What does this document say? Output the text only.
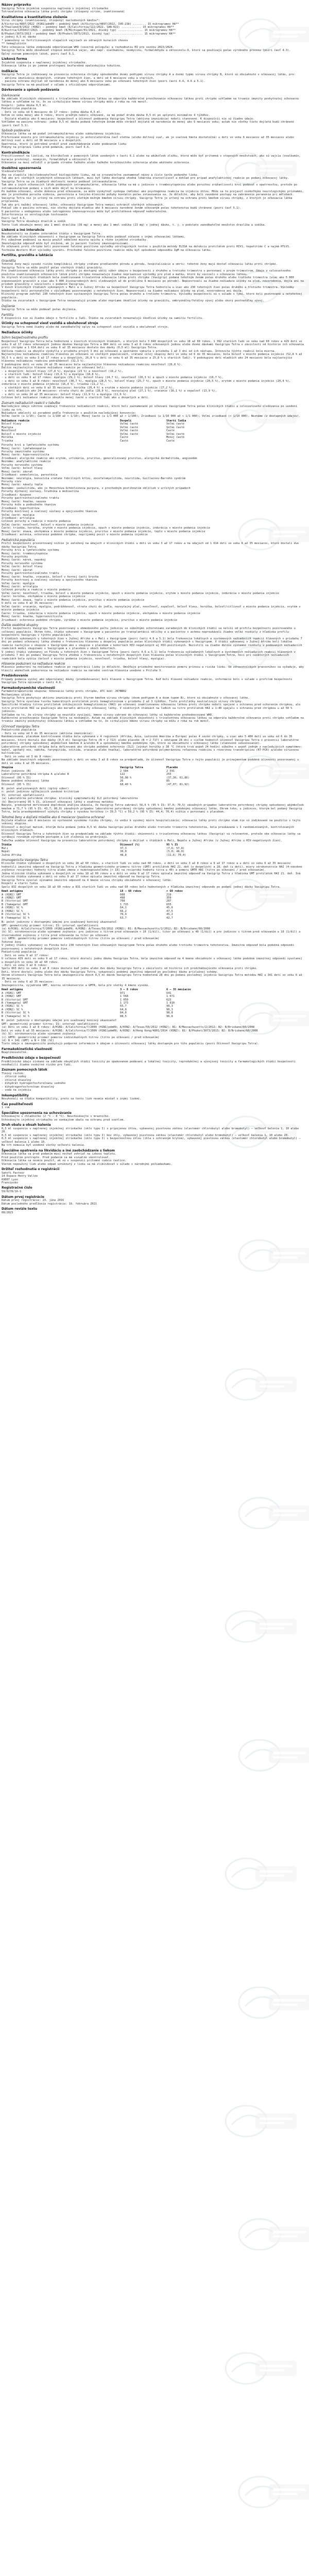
Názov prípravku
Vaxigrip Tetra injekčná suspenzia naplnená v injekčnej striekačke
Tetravalentná očkovacia látka proti chrípke (štiepený virión, inaktivovaná)
Kvalitatívne a kvantitatívne zloženie
Vírus chrípky (inaktivovaný, štiepený) nasledovných kmeňov*:
A/Victoria/4897/2022 (H1N1)pdm09 – podobný kmeň (A/Victoria/4897/2022, IVR-238) ........ 15 mikrogramov HA**
A/Thailand/8/2022 (H3N2) – podobný kmeň (A/California/122/2022, SAN-022) ............ 15 mikrogramov HA**
B/Austria/1359417/2021 – podobný kmeň (B/Michigan/01/2021, divoký typ) ............... 15 mikrogramov HA**
B/Phuket/3073/2013 – podobný kmeň (B/Phuket/3073/2013, divoký typ) ................... 15 mikrogramov HA**
v jednej 0,5 ml dávke
* pomnožený vo fertilizovaných slepačích vajciach zo zdravých kuracích chovov
** hemaglutinín
Táto očkovacia látka zodpovedá odporúčaniam WHO (severná pologuľa) a rozhodnutiu EÚ pre sezónu 2023/2024.
Vaxigrip Tetra môže obsahovať stopové množstvá vajec, ako napr. ovalbumínu, neomycínu, formaldehydu a oktoxinolu-9, ktoré sa používajú počas výrobného procesu (pozri časť 4.3).
Úplný zoznam pomocných látok, pozri časť 6.1.
Lieková forma
Injekčná suspenzia v naplnenej injekčnej striekačke.
Očkovacia látka je po jemnom pretrepaní bezfarebná opaleskujúca tekutina.
Indikácie
Vaxigrip Tetra je indikovaný na prevenciu ochorenia chrípky spôsobeného dvomi podtypmi vírusu chrípky A a dvomi typmi vírusu chrípky B, ktoré sú obsiahnuté v očkovacej látke, pre:
- aktívnu imunizáciu dospelých, vrátane tehotných žien, a detí od 6 mesiacov veku a starších,
- pasívnu ochranu dojčiat od narodenia do menej ako 6 mesiacov veku po očkovaní tehotných žien (pozri časti 4.4, 4.6 a 5.1).
Vaxigrip Tetra sa má používať v súlade s oficiálnymi odporúčaniami.
Dávkovanie a spôsob podávania
Dávkovanie
Na základe klinických skúseností s trivalentnou očkovacou látkou sa odporúča každoročné preočkovanie očkovacou látkou proti chrípke vzhľadom na trvanie imunity poskytnutej očkovacou látkou a vzhľadom na to, že sa cirkulujúce kmene vírusu chrípky môžu z roka na rok meniť.
Dospelí: jedna dávka 0,5 ml.
Pediatrická populácia
- Deti vo veku od 6 mesiacov do 17 rokov: jedna dávka 0,5 ml.
Deťom vo veku menej ako 9 rokov, ktoré predtým neboli očkované, sa má podať druhá dávka 0,5 ml po uplynutí minimálne 4 týždňov.
- Dojčatá mladšie ako 6 mesiacov: bezpečnosť a účinnosť podávania Vaxigripu Tetra (aktívna imunizácia) neboli stanovené. K dispozícii nie sú žiadne údaje.
Vzhľadom na pasívnu ochranu: jedna 0,5 ml dávka podaná tehotným ženám môže chrániť dojčatá od narodenia do menej ako 6 mesiacov veku; avšak nie všetky tieto dojčatá budú chránené (pozri časť 5.1).
Spôsob podávania
Očkovacia látka sa má podať intramuskulárnou alebo subkutánnou injekciou.
Preferované miesto pre intramuskulárnu injekciu je anterolaterálna časť stehna (alebo deltový sval, ak je svalová hmota dostatočná) u detí vo veku 6 mesiacov až 35 mesiacov alebo deltový sval u detí od 36 mesiacov a u dospelých.
Opatrenia, ktoré je potrebné urobiť pred zaobchádzaním alebo podávaním lieku
Pokyny na prípravu lieku pred podaním, pozri časť 6.6.
Kontraindikácie
Precitlivenosť na liečivá, na ktorúkoľvek z pomocných látok uvedených v časti 6.1 alebo na akúkoľvek zložku, ktorá môže byť prítomná v stopových množstvách, ako sú vajcia (ovalbumín, kuracie proteíny), neomycín, formaldehyd a oktoxinol-9.
Očkovanie sa musí odložiť v prípade stredne ťažkého alebo ťažkého horúčkovitého ochorenia alebo akútneho ochorenia.
Osobitné upozornenia
Sledovateľnosť
Aby sa zlepšila (do)sledovateľnosť biologického lieku, má sa zrozumiteľne zaznamenať názov a číslo šarže podaného lieku.
Tak ako pri všetkých injekčných očkovacích látkach, musí byť ľahko dostupná vhodná lekárska starostlivosť a dohľad pre prípad anafylaktickej reakcie po podaní očkovacej látky.
Vaxigrip Tetra sa za žiadnych okolností nesmie podávať intravaskulárne.
Tak ako u iných očkovacích látok podávaných intramuskulárne, očkovacia látka sa má u jedincov s trombocytopéniou alebo poruchou zrážanlivosti krvi podávať s opatrnosťou, pretože po intramuskulárnom podaní u nich môže dôjsť ku krvácaniu.
Po každom očkovaní, alebo dokonca pred očkovaním, sa môže vyskytnúť synkopa (mdloba) ako psychogénna reakcia na injekciu ihlou. Môže sa to prejaviť niekoľkými neurologickými príznakmi, ako je prechodná porucha videnia, parestézia a tonicko-klonické pohyby končatín počas zotavovania sa. Je dôležité, aby boli zavedené postupy na zabránenie poranenia pri mdlobách.
Vaxigrip Tetra nie je určený na ochranu proti všetkým možným kmeňom vírusu chrípky. Vaxigrip Tetra je určený na ochranu proti kmeňom vírusu chrípky, z ktorých je očkovacia látka pripravená.
Tak ako pri každej očkovacej látke, očkovanie Vaxigripom Tetra nemusí ochrániť všetkých očkovaných.
Pokiaľ ide o pasívnu ochranu, nie všetky dojčatá mladšie ako 6 mesiacov narodené ženám očkovaným počas tehotenstva budú chránené (pozri časť 5.1).
U pacientov s endogénnou alebo iatrogénnou imunosupresiou môže byť protilátková odpoveď nedostatočná.
Interferencia so sérologickým testovaním
Pozri časť 4.5.
Vaxigrip Tetra obsahuje draslík a sodík
Tento liek obsahuje menej ako 1 mmol draslíka (39 mg) a menej ako 1 mmol sodíka (23 mg) v jednej dávke, t. j. v podstate zanedbateľné množstvo draslíka a sodíka.
Liekové a iné interakcie
Neuskutočnili sa žiadne interakčné štúdie s Vaxigripom Tetra.
Na základe klinických skúseností s Vaxigripom sa Vaxigrip Tetra môže podávať súčasne s inými očkovacími látkami.
Pri súbežnom podávaní sa musia použiť oddelené miesta vpichu a rôzne injekčné striekačky.
Imunologická odpoveď môže byť znížená, ak je pacient liečený imunosupresívami.
Po očkovaní proti chrípke boli pozorované falošne pozitívne výsledky sérologických testov s použitím metódy ELISA na detekciu protilátok proti HIV1, hepatitíde C a najmä HTLV1. Technika Western Blot výsledky vyvráti. Prechodné falošne pozitívne reakcie môžu byť spôsobené odpoveďou IgM na očkovaciu látku.
Fertilita, gravidita a laktácia
Gravidita
Tehotné ženy majú vysoké riziko komplikácií chrípky vrátane predčasného pôrodu a pôrodu, hospitalizácie a smrti: tehotné ženy majú dostať očkovaciu látku proti chrípke.
Vaxigrip Tetra sa môže použiť počas všetkých štádií gravidity.
Pre inaktivované očkovacie látky proti chrípke je dostupný väčší súbor údajov o bezpečnosti z druhého a tretieho trimestra v porovnaní s prvým trimestrom. Údaje z celosvetového použitia inaktivovaných očkovacích látok proti chrípke nenaznačujú žiadne nepriaznivé výsledky pre plod a matku, ktoré by súviseli s očkovacou látkou.
Vo štyroch klinických štúdiách bola inaktivovaná trivalentná očkovacia látka proti chrípke (Vaxigrip) podaná tehotným ženám počas druhého alebo tretieho trimestra (viac ako 5 000 exponovaných gravidít a viac ako 5 000 živonarodených detí sledovaných až do približne 6 mesiacov po pôrode). Nepozorovali sa žiadne nežiaduce účinky na plod, novorodenca, dojča ani na priebeh gravidity v súvislosti s podaním Vaxigripu.
V dvoch klinických štúdiách vykonaných v Mali a v Južnej Afrike sa bezpečnosť Vaxigripu Tetra hodnotila u viac ako 230 tehotných žien počas druhého a tretieho trimestra. Výsledky bezpečnosti boli porovnateľné s výsledkami pozorovanými u netehotných žien. Nepozorovali sa žiadne nežiaduce účinky na plod, novorodenca ani dojča.
Klinický program zahŕňal 230 tehotných žien vystavených Vaxigripu Tetra počas druhého a tretieho trimestra. Výsledky bezpečnosti sú v súlade s tými, ktoré boli pozorované u netehotnej populácie.
Štúdie na zvieratách s Vaxigripom Tetra nenaznačujú priame alebo nepriame škodlivé účinky na graviditu, embryonálny/fetálny vývoj alebo skorý postnatálny vývoj.
Dojčenie
Vaxigrip Tetra sa môže podávať počas dojčenia.
Fertilita
K dispozícii nie sú žiadne údaje o fertilite u ľudí. Štúdie na zvieratách nenaznačujú škodlivé účinky na samičiu fertilitu.
Účinky na schopnosť viesť vozidlá a obsluhovať stroje
Vaxigrip Tetra nemá žiadny alebo má zanedbateľný vplyv na schopnosť viesť vozidlá a obsluhovať stroje.
Nežiaduce účinky
Súhrn bezpečnostného profilu
Bezpečnosť Vaxigripu Tetra bola hodnotená v šiestich klinických štúdiách, v ktorých bolo 3 040 dospelých vo veku 18 až 60 rokov, 1 392 starších ľudí vo veku nad 60 rokov a 429 detí vo veku 9 až 17 rokov očkovaných jednou dávkou Vaxigripu Tetra a 884 detí vo veku 3 až 8 rokov očkovaných jednou alebo dvomi dávkami Vaxigripu Tetra v závislosti od histórie ich očkovania proti chrípke a 1 614 detí vo veku 6 až 35 mesiacov dostalo dve dávky (0,5 ml) Vaxigripu Tetra.
Väčšina reakcií sa obvykle vyskytla v priebehu prvých 3 dní po očkovaní a spontánne vymizla v priebehu 1 až 3 dní od ich nástupu. Intenzita týchto reakcií bola mierna.
Najčastejšou nežiaducou reakciou hlásenou po očkovaní vo všetkých populáciách, vrátane celej skupiny detí vo veku od 6 do 35 mesiacov, bola bolesť v mieste podania injekcie (52,8 % až 56,5 % u detí vo veku 3 až 17 rokov a u dospelých, 26,8 % u detí vo veku 6 až 35 mesiacov a 25,8 % u starších ľudí). V podskupine detí mladších ako 24 mesiacov bola najčastejšie hlásenou nežiaducou reakciou podráždenosť (32,3 %).
V podskupine detí vo veku 24 až 35 mesiacov bola najčastejšie hlásenou nežiaducou reakciou nevoľnosť (26,8 %).
Ďalšie najčastejšie hlásené nežiaduce reakcie po očkovaní boli:
- u dospelých: bolesť hlavy (27,8 %), myalgia (23 %) a nevoľnosť (19,2 %),
- u starších ľudí: bolesť hlavy (15,6 %) a myalgia (18,8 %),
- u detí vo veku 9 až 17 rokov: myalgia (29,1 %), bolesť hlavy (24,7 %), nevoľnosť (20,3 %) a opuch v mieste podania injekcie (10,7 %),
- u detí vo veku 3 až 8 rokov: nevoľnosť (30,7 %), myalgia (28,5 %), bolesť hlavy (25,7 %), opuch v mieste podania injekcie (20,5 %), erytém v mieste podania injekcie (20,4 %), indurácia v mieste podania injekcie (16,4 %), triaška (11,2 %),
- u všetkých detí vo veku 6 až 35 mesiacov: horúčka (20,4 %) a erytém v mieste podania injekcie (17,2 %),
- u detí mladších ako 24 mesiacov: strata chuti do jedla (28,9 %), nezvyčajný plač (27,1 %), vracanie (16,1 %) a ospalosť (13,9 %),
- u detí vo veku 24 až 35 mesiacov: bolesť hlavy (11,9 %) a myalgia (11,6 %).
Celkovo boli nežiaduce reakcie obvykle menej časté u starších ľudí ako u dospelých a detí.
Zoznam nežiaducich reakcií v tabuľke
Nasledujúce údaje súhrnne uvádzajú frekvencie nežiaducich reakcií, ktoré boli zaznamenané po očkovaní Vaxigripom Tetra počas klinických štúdií a celosvetového sledovania po uvedení lieku na trh.
Nežiaduce udalosti sú zoradené podľa frekvencie s použitím nasledujúcej konvencie:
Veľmi časté (≥ 1/10); Časté (≥ 1/100 až < 1/10); Menej časté (≥ 1/1 000 až < 1/100); Zriedkavé (≥ 1/10 000 až < 1/1 000); Veľmi zriedkavé (< 1/10 000); Neznáme (z dostupných údajov).
Nežiaduce reakcie	Dospelí	Starší ľudia
Bolesť hlavy	Veľmi časté	Veľmi časté
Myalgia	Veľmi časté	Veľmi časté
Nevoľnosť	Veľmi časté	Časté
Bolesť v mieste injekcie	Veľmi časté	Veľmi časté
Horúčka	Časté	Menej časté
Triaška	Časté	Časté
Poruchy krvi a lymfatického systému
Menej časté: lymfadenopatia
Poruchy imunitného systému
Menej časté: hypersenzitivita
Zriedkavé: alergické reakcie ako erytém, urtikária, pruritus, generalizovaný pruritus, alergická dermatitída, angioedém
Neznáme: anafylaktické reakcie
Poruchy nervového systému
Veľmi časté: bolesť hlavy
Menej časté: závrat
Zriedkavé: somnolencia, parestézia
Neznáme: neuralgia, konvulzia vrátane febrilných kŕčov, encefalomyelitída, neuritída, Guillainov-Barrého syndróm
Poruchy ciev
Menej časté: návaly tepla
Neznáme: vaskulitída, ako je Henochova-Schönleinova purpura, s prechodným postihnutím obličiek v určitých prípadoch
Poruchy dýchacej sústavy, hrudníka a mediastína
Zriedkavé: dyspnoe
Poruchy gastrointestinálneho traktu
Menej časté: hnačka, nauzea
Poruchy kože a podkožného tkaniva
Zriedkavé: hyperhidróza
Poruchy kostrovej a svalovej sústavy a spojivového tkaniva
Veľmi časté: myalgia
Zriedkavé: artralgia
Celkové poruchy a reakcie v mieste podania
Veľmi časté: nevoľnosť, bolesť v mieste podania injekcie
Časté: triaška, horúčka, erytém v mieste podania injekcie, opuch v mieste podania injekcie, indurácia v mieste podania injekcie
Menej časté: únava, ekchymóza v mieste podania injekcie, pruritus v mieste podania injekcie, teplo v mieste podania injekcie
Zriedkavé: asténia, ochorenie podobné chrípke, nepríjemný pocit v mieste podania injekcie
Pediatrická populácia
Profil bezpečnosti prezentovaný nižšie je založený na údajoch z klinických štúdií u detí vo veku 3 až 17 rokov a na údajoch od 1 614 detí vo veku 6 až 35 mesiacov, ktoré dostali dve dávky Vaxigripu Tetra.
Poruchy krvi a lymfatického systému
Menej časté: trombocytopénia
Poruchy psychiky
Menej časté: nárek, nepokoj
Poruchy nervového systému
Veľmi časté: bolesť hlavy
Menej časté: závrat
Poruchy gastrointestinálneho traktu
Menej časté: hnačka, vracanie, bolesť v hornej časti brucha
Poruchy kostrovej a svalovej sústavy a spojivového tkaniva
Veľmi časté: myalgia
Menej časté: artralgia
Celkové poruchy a reakcie v mieste podania
Veľmi časté: nevoľnosť, triaška, bolesť v mieste podania injekcie, opuch v mieste podania injekcie, erytém v mieste podania injekcie, indurácia v mieste podania injekcie
Časté: horúčka, ekchymóza v mieste podania injekcie
Menej časté: únava, teplo v mieste podania injekcie, pruritus v mieste podania injekcie
U detí vo veku 6 až 35 mesiacov:
Veľmi časté: vracanie, myalgia, podráždenosť, strata chuti do jedla, nezvyčajný plač, nevoľnosť, ospalosť, bolesť hlavy, horúčka, bolesť/citlivosť v mieste podania injekcie, erytém v mieste podania injekcie
Časté: triaška, indurácia v mieste podania injekcie, opuch v mieste podania injekcie, ekchymóza v mieste podania injekcie
Menej časté: hnačka, hypersenzitivita
Zriedkavé: ochorenie podobné chrípke, vyrážka v mieste podania injekcie, pruritus v mieste podania injekcie
Ďalšie osobitné skupiny
Profil bezpečnosti Vaxigripu Tetra pozorovaný u obmedzeného počtu jedincov so súbežnými ochoreniami zaradených do klinických štúdií sa nelíši od profilu bezpečnosti pozorovaného u celkovej populácie. Okrem toho, štúdie vykonané s Vaxigripom u pacientov po transplantácii obličky a u pacientov s astmou nepreukázali žiadne veľké rozdiely z hľadiska profilu bezpečnosti Vaxigripu v týchto populáciách.
V štúdiách vykonaných u tehotných žien v Južnej Afrike a v Mali s Vaxigripom (pozri časti 4.6 a 5.1) bola frekvencia lokálnych a systémových nežiaducich reakcií hlásených v priebehu 7 dní po podaní očkovacej látky zhodná s frekvenciou hlásenou u dospelej populácie počas klinických štúdií vykonaných s Vaxigripom. V štúdii vykonanej v Južnej Afrike boli lokálne reakcie častejšie v skupine s Vaxigripom ako v skupine s placebom v kohortách HIV-negatívnych aj HIV-pozitívnych. Nezistili sa žiadne ďalšie významné rozdiely v podávaných nežiaducich reakciách medzi skupinami s Vaxigripom a s placebom v oboch kohortách.
V jednej štúdii vykonanej vo Fínsku u tehotných žien s Vaxigripom Tetra (pozri časti 4.6 a 5.1) bola frekvencia vyžiadaných lokálnych a systémových nežiaducich reakcií hlásených v priebehu 7 dní po podaní Vaxigripu Tetra zhodná s frekvenciou u netehotných dospelých žien hlásenou počas klinických štúdií s Vaxigripom Tetra, hoci pri niektorých nežiaducich reakciách bola vyššia (bolesť v mieste podania injekcie, nevoľnosť, triaška, bolesť hlavy, myalgia).
Hlásenie podozrení na nežiaduce reakcie
Hlásenie podozrení na nežiaduce reakcie po registrácii lieku je dôležité. Umožňuje priebežné monitorovanie pomeru prínosu a rizika lieku. Od zdravotníckych pracovníkov sa vyžaduje, aby hlásili akékoľvek podozrenia na nežiaduce reakcie na národné centrum hlásenia uvedené v Prílohe V.
Predávkovanie
Prípady podania vyššej ako odporúčanej dávky (predávkovanie) boli hlásené s Vaxigripom Tetra. Keď boli hlásené nežiaduce reakcie, informácie boli v súlade s profilom bezpečnosti Vaxigripu Tetra opísaným v časti 4.8.
Farmakodynamické vlastnosti
Farmakoterapeutická skupina: Očkovacie látky proti chrípke, ATC kód: J07BB02
Mechanizmus účinku
Vaxigrip Tetra poskytuje aktívnu imunizáciu proti štyrom kmeňom vírusu chrípky (dvom podtypom A a dvom typom B), ktoré sú obsiahnuté v očkovacej látke.
Vaxigrip Tetra vyvoláva tvorbu humorálnych protilátok proti hemaglutinínom v priebehu 2 až 3 týždňov. Tieto protilátky neutralizujú vírusy chrípky.
Špecifické hladiny titrov protilátok inhibujúcich hemaglutináciu (HAI) po očkovaní inaktivovanou očkovacou látkou proti chrípke neboli spojené s ochranou pred ochorením chrípkou, ale titre protilátok HAI sa používajú ako meradlo aktivity očkovacej látky. V niektorých štúdiách na ľuďoch sa titre protilátok HAI ≥ 1:40 spájali s ochranou pred chrípkou u až 50 % jedincov.
Vzhľadom na to, že vírusy chrípky sa neustále vyvíjajú, kmene vírusu vybrané do očkovacej látky sú každoročne prehodnocované WHO.
Každoročné preočkovanie Vaxigripom Tetra sa neskúmalo. Avšak na základe klinických skúseností s trivalentnou očkovacou látkou sa odporúča každoročné očkovanie proti chrípke vzhľadom na trvanie imunity poskytnutej očkovacou látkou a vzhľadom na to, že cirkulujúce kmene vírusu chrípky sa môžu z roka na rok meniť.
Účinnosť Vaxigripu Tetra
Pediatrická populácia
- Deti vo veku od 6 do 35 mesiacov (aktívna imunizácia):
Randomizovaná, placebom kontrolovaná štúdia bola vykonaná v 4 regiónoch (Afrika, Ázia, Latinská Amerika a Európa) počas 4 sezón chrípky, u viac ako 5 400 detí vo veku od 6 do 35 mesiacov, ktoré dostali dve dávky (0,5 ml) Vaxigripu Tetra (N = 2 722) alebo placebo (N = 2 717) s odstupom 28 dní s cieľom hodnotiť účinnosť Vaxigripu Tetra v prevencii laboratórne potvrdenej chrípky spôsobenej akýmkoľvek kmeňom A a/alebo B a spôsobenej kmeňmi podobnými tým, ktoré sú obsiahnuté v očkovacej látke (stanovené sekvenovaním).
Laboratórne potvrdená chrípka bola definovaná ako chrípke podobné ochorenie (ILI) [výskyt horúčky ≥ 38 °C (ktorá trvá aspoň 24 hodín) súbežne s aspoň jedným z nasledujúcich symptómov: kašeľ, upchatý nos, nádcha, faryngitída, otitída, vracanie alebo hnačka], laboratórne potvrdená polymerázovou reťazovou reakciou s reverznou transkripciou (RT-PCR) a/alebo vírusovou kultiváciou.
- Deti vo veku od 3 do 8 rokov:
Na základe imunitných odpovedí pozorovaných u detí vo veku 3 až 8 rokov sa predpokladá, že účinnosť Vaxigripu Tetra v tejto populácii je prinajmenšom podobná účinnosti pozorovanej u detí vo veku 6 až 35 mesiacov.
Skupina	Vaxigrip Tetra	Placebo
Počet jedincov (N)	2 584	2 591
Laboratórne potvrdená chrípka A a/alebo B	122	255
Účinnosť (95 % IS)	50,98 %	(37,36; 61,86)
Kmene podobné očkovacej látke	26	85
Účinnosť (95 % IS)	68,40 %	(47,07; 81,92)
N: počet analyzovaných detí (úplný súbor)
n: počet jedincov spĺňajúcich uvedené kritérium
IS: interval spoľahlivosti
(a) Laboratórne potvrdená chrípka: klinický symptomatický ILI potvrdený laboratórne
(b) Obojstranný 95 % IS, účinnosť očkovacej látky s exaktnou metódou
Navyše, predvopred definovaná doplnková analýza ukázala, že Vaxigrip Tetra zabránil 56,6 % (95 % IS: 37,0; 70,5) závažných prípadov laboratórne potvrdenej chrípky spôsobenej akýmkoľvek kmeňom a 71,7 % (95 % IS: 43,7; 86,9) závažných prípadov laboratórne potvrdenej chrípky spôsobenej kmeňmi podobnými očkovacej látke. Okrem toho, u jedincov, ktorým bol podaný Vaxigrip Tetra, bola pravdepodobnosť výskytu chrípky s vysokou horúčkou (> 39,5 °C) o 59,2 % (95 % IS: 44,4; 70,4) nižšia v porovnaní s placebom.
Tehotné ženy a dojčatá mladšie ako 6 mesiacov (pasívna ochrana)
Dojčatá mladšie ako 6 mesiacov sú vystavené vysokému riziku chrípky, čo vedie k vysokej miere hospitalizácie; očkovacie látky proti chrípke však nie sú indikované na použitie v tejto vekovej skupine.
Účinnosť u dojčiat matiek, ktorým bola podaná jedna 0,5 ml dávka Vaxigripu počas druhého alebo tretieho trimestra tehotenstva, bola preukázaná v 3 randomizovaných, kontrolovaných klinických štúdiách.
Účinnosť Vaxigripu Tetra u tehotných žien sa predpokladá na základe týchto štúdií: skúsenosti s trivalentnou očkovacou látkou (Vaxigrip) sú relevantné, pretože obe očkovacie látky sa vyrábajú rovnakým výrobným postupom a ich zloženia sa prekrývajú.
Tabuľka uvádza účinnosť Vaxigripu na prevenciu laboratórne potvrdenej chrípky u dojčiat v štúdiách v Mali, Nepále a Južnej Afrike (v Južnej Afrike u HIV-negatívnych žien).
Štúdia	Účinnosť (%)	95 % IS
Mali	37,3	(7,6; 57,8)
Nepál	30,0	(5,0; 48,0)
Južná Afrika	48,8	(11,6; 70,4)
Imunogenicita Vaxigripu Tetra
Klinické štúdie vykonané u dospelých vo veku 18 až 60 rokov, u starších ľudí vo veku nad 60 rokov, u detí vo veku 3 až 8 rokov a 9 až 17 rokov a u detí vo veku 6 až 35 mesiacov hodnotili imunitnú odpoveď na Vaxigrip Tetra z hľadiska geometrického priemeru titrov (GMT) protilátok HAI 21. deň (u dospelých) a 28. deň (u detí), miery sérokonverzie HAI (4-násobné zvýšenie reciprokej hodnoty titra alebo zmena z nedetegovateľného [< 10] na reciprokú hodnotu titra ≥ 40) a pomeru GMTR HAI (titre po očkovaní / pred očkovaním).
Jedna klinická štúdia vykonaná u dospelých vo veku 18 až 60 rokov a u detí vo veku 9 až 17 rokov opísala imunitnú odpoveď na Vaxigrip Tetra z hľadiska GMT protilátok HAI 21. deň. Iná klinická štúdia vykonaná u detí vo veku 9 až 17 rokov opísala imunitnú odpoveď na Vaxigrip Tetra.
Vaxigrip Tetra vyvolal významnú imunitnú odpoveď na 4 kmene vírusu chrípky obsiahnuté v očkovacej látke.
Dospelí a starší ľudia
Spolu 832 dospelých vo veku 18 až 60 rokov a 831 starších ľudí vo veku nad 60 rokov bolo hodnotených z hľadiska imunitnej odpovede po podaní jednej dávky Vaxigripu Tetra.
Kmeň antigénu	18 – 60 rokov	> 60 rokov
A (H1N1) GMT	608	219
A (H3N2) GMT	498	359
B (Victoria) GMT	708	287
B (Yamagata) GMT	1 715	655
A (H1N1) SC %	64,1	45,6
A (H3N2) SC %	66,2	47,5
B (Victoria) SC %	70,9	45,2
B (Yamagata) SC %	63,7	42,7
N: počet jedincov s dostupnými údajmi pre uvažovaný koncový ukazovateľ
GMT: geometrický priemer titrov; IS: interval spoľahlivosti
(a) A/H1N1: A/California/7/2009 (H1N1)pdm09; A/H3N2: A/Texas/50/2012 (H3N2); B1: B/Massachusetts/2/2012; B2: B/Brisbane/60/2008
(b) SC: sérokonverzia alebo významné zvýšenie: pre jedincov s titrom pred očkovaním < 10 (1/dil), titer po očkovaní ≥ 40 (1/dil) a pre jedincov s titrom pred očkovaním ≥ 10 (1/dil) ≥ štvornásobné zvýšenie z titra pred očkovaním na titer po očkovaní
(c) GMTR: geometrický priemer pomerov individuálnych titrov (titre po očkovaní / pred očkovaním)
Tehotné ženy
V jednej štúdii vykonanej vo Fínsku bolo 230 tehotných žien očkovaných Vaxigripom Tetra počas druhého alebo tretieho trimestra tehotenstva. Imunitná odpoveď bola podobná odpovedi pozorovanej u netehotných dospelých žien.
Pediatrická populácia
- Deti vo veku 9 až 17 rokov:
U celkovo 429 detí vo veku 9 až 17 rokov, ktoré dostali jednu dávku Vaxigripu Tetra, bola imunitná odpoveď na 4 kmene obsiahnuté v očkovacej látke podobná imunitnej odpovedi vyvolanej u dospelých vo veku 18 až 60 rokov.
- Deti vo veku 3 až 8 rokov:
Spolu 863 detí vo veku 3 až 8 rokov dostalo buď jednu alebo dve dávky Vaxigripu Tetra v závislosti od histórie ich predchádzajúceho očkovania proti chrípke.
Deti, ktoré dostali jednu alebo dve dávky Vaxigripu Tetra, vykazovali podobnú imunitnú odpoveď po poslednej dávke príslušnej schémy.
Okrem účinnosti Vaxigripu Tetra bola imunogenicita dvoch 0,5 ml dávok Vaxigripu Tetra hodnotená 28 dní po podaní poslednej injekcie Vaxigripu Tetra metódou HAI u 341 detí vo veku 6 až 35 mesiacov.
- Deti vo veku 6 až 35 mesiacov:
Imunogenicita, vyjadrená GMT, mierou sérokonverzie a GMTR, bola pre všetky 4 kmene vysoká.
Kmeň antigénu	3 – 8 rokov	6 – 35 mesiacov
A (H1N1) GMT	971	641
A (H3N2) GMT	1 568	1 071
B (Victoria) GMT	1 050	623
B (Yamagata) GMT	1 173	1 010
A (H1N1) SC %	65,7	90,3
A (H3N2) SC %	64,8	90,3
B (Victoria) SC %	84,8	98,8
B (Yamagata) SC %	88,5	96,8
N: počet jedincov s dostupnými údajmi pre uvažovaný koncový ukazovateľ
GMT: geometrický priemer titrov; IS: interval spoľahlivosti
(a) Deti vo veku 3 až 8 rokov: A/H1N1: A/California/7/2009 (H1N1)pdm09; A/H3N2: A/Texas/50/2012 (H3N2); B1: B/Massachusetts/2/2012; B2: B/Brisbane/60/2008
Deti vo veku 6 až 35 mesiacov: A/H1N1: A/California/7/2009 (H1N1)pdm09; A/H3N2: A/Hong Kong/4801/2014 (H3N2); B1: B/Phuket/3073/2013; B2: B/Brisbane/60/2008
(b) SC: sérokonverzia alebo významné zvýšenie
(c) GMTR: geometrický priemer pomerov individuálnych titrov (titre po očkovaní / pred očkovaním)
(d) N = 341 (GMT) a N = 338 (SC)
Tieto údaje o imunogenicite poskytujú podporné informácie k údajom o účinnosti očkovacej látky dostupným pre túto populáciu (pozri Účinnosť Vaxigripu Tetra).
Farmakokinetické vlastnosti
Neaplikovateľné.
Predklinické údaje o bezpečnosti
Predklinické údaje získané na základe obvyklých štúdií toxicity po opakovanom podávaní a lokálnej toxicity, reprodukčnej a vývojovej toxicity a farmakologických štúdií bezpečnosti neodhalili žiadne osobitné riziko pre ľudí.
Zoznam pomocných látok
Tlmivý roztok:
- chlorid sodný
- chlorid draselný
- dihydrát hydrogenfosforečnanu sodného
- dihydrogenfosforečnan draselný
- voda na injekciu
Inkompatibility
Nevykonali sa štúdie kompatibility, preto sa tento liek nesmie miešať s inými liekmi.
Čas použiteľnosti
1 rok
Špeciálne upozornenia na uchovávanie
Uchovávajte v chladničke (2 °C – 8 °C). Neuchovávajte v mrazničke.
Uchovávajte injekčnú striekačku vo vonkajšom obale na ochranu pred svetlom.
Druh obalu a obsah balenia
0,5 ml suspenzie v naplnenej injekčnej striekačke (sklo typu I) s pripojenou ihlou, vybavenej piestovou zátkou (elastomér chlorobutyl alebo bromobutyl) – veľkosť balenia 1, 10 alebo 20.
0,5 ml suspenzie v naplnenej injekčnej striekačke (sklo typu I) bez ihly, vybavenej piestovou zátkou (elastomér chlorobutyl alebo bromobutyl) – veľkosť balenia 1, 10 alebo 20.
0,5 ml suspenzie v naplnenej injekčnej striekačke (sklo typu I) s bezpečnostnou ihlou (ihla s ochranným krytom), vybavenej piestovou zátkou (elastomér chlorobutyl alebo bromobutyl) – veľkosť balenia 1 alebo 10.
Na trh nemusia byť uvedené všetky veľkosti balenia.
Špeciálne opatrenia na likvidáciu a iné zaobchádzanie s liekom
Očkovacia látka sa pred podaním musí nechať zohriať na izbovú teplotu.
Pred použitím pretrepte. Pred podaním sa má vizuálne skontrolovať.
Očkovacia látka sa nesmie použiť, ak sú v suspenzii prítomné cudzie častice.
Všetok nepoužitý liek alebo odpad vzniknutý z lieku sa má zlikvidovať v súlade s národnými požiadavkami.
Držiteľ rozhodnutia o registrácii
Sanofi Pasteur
14 Espace Henry Vallée
69007 Lyon
Francúzsko
Registračné číslo
59/0278/16-S
Dátum prvej registrácie
Dátum prvej registrácie: 23. júna 2016
Dátum posledného predĺženia registrácie: 16. februára 2021
Dátum revízie textu
08/2023
